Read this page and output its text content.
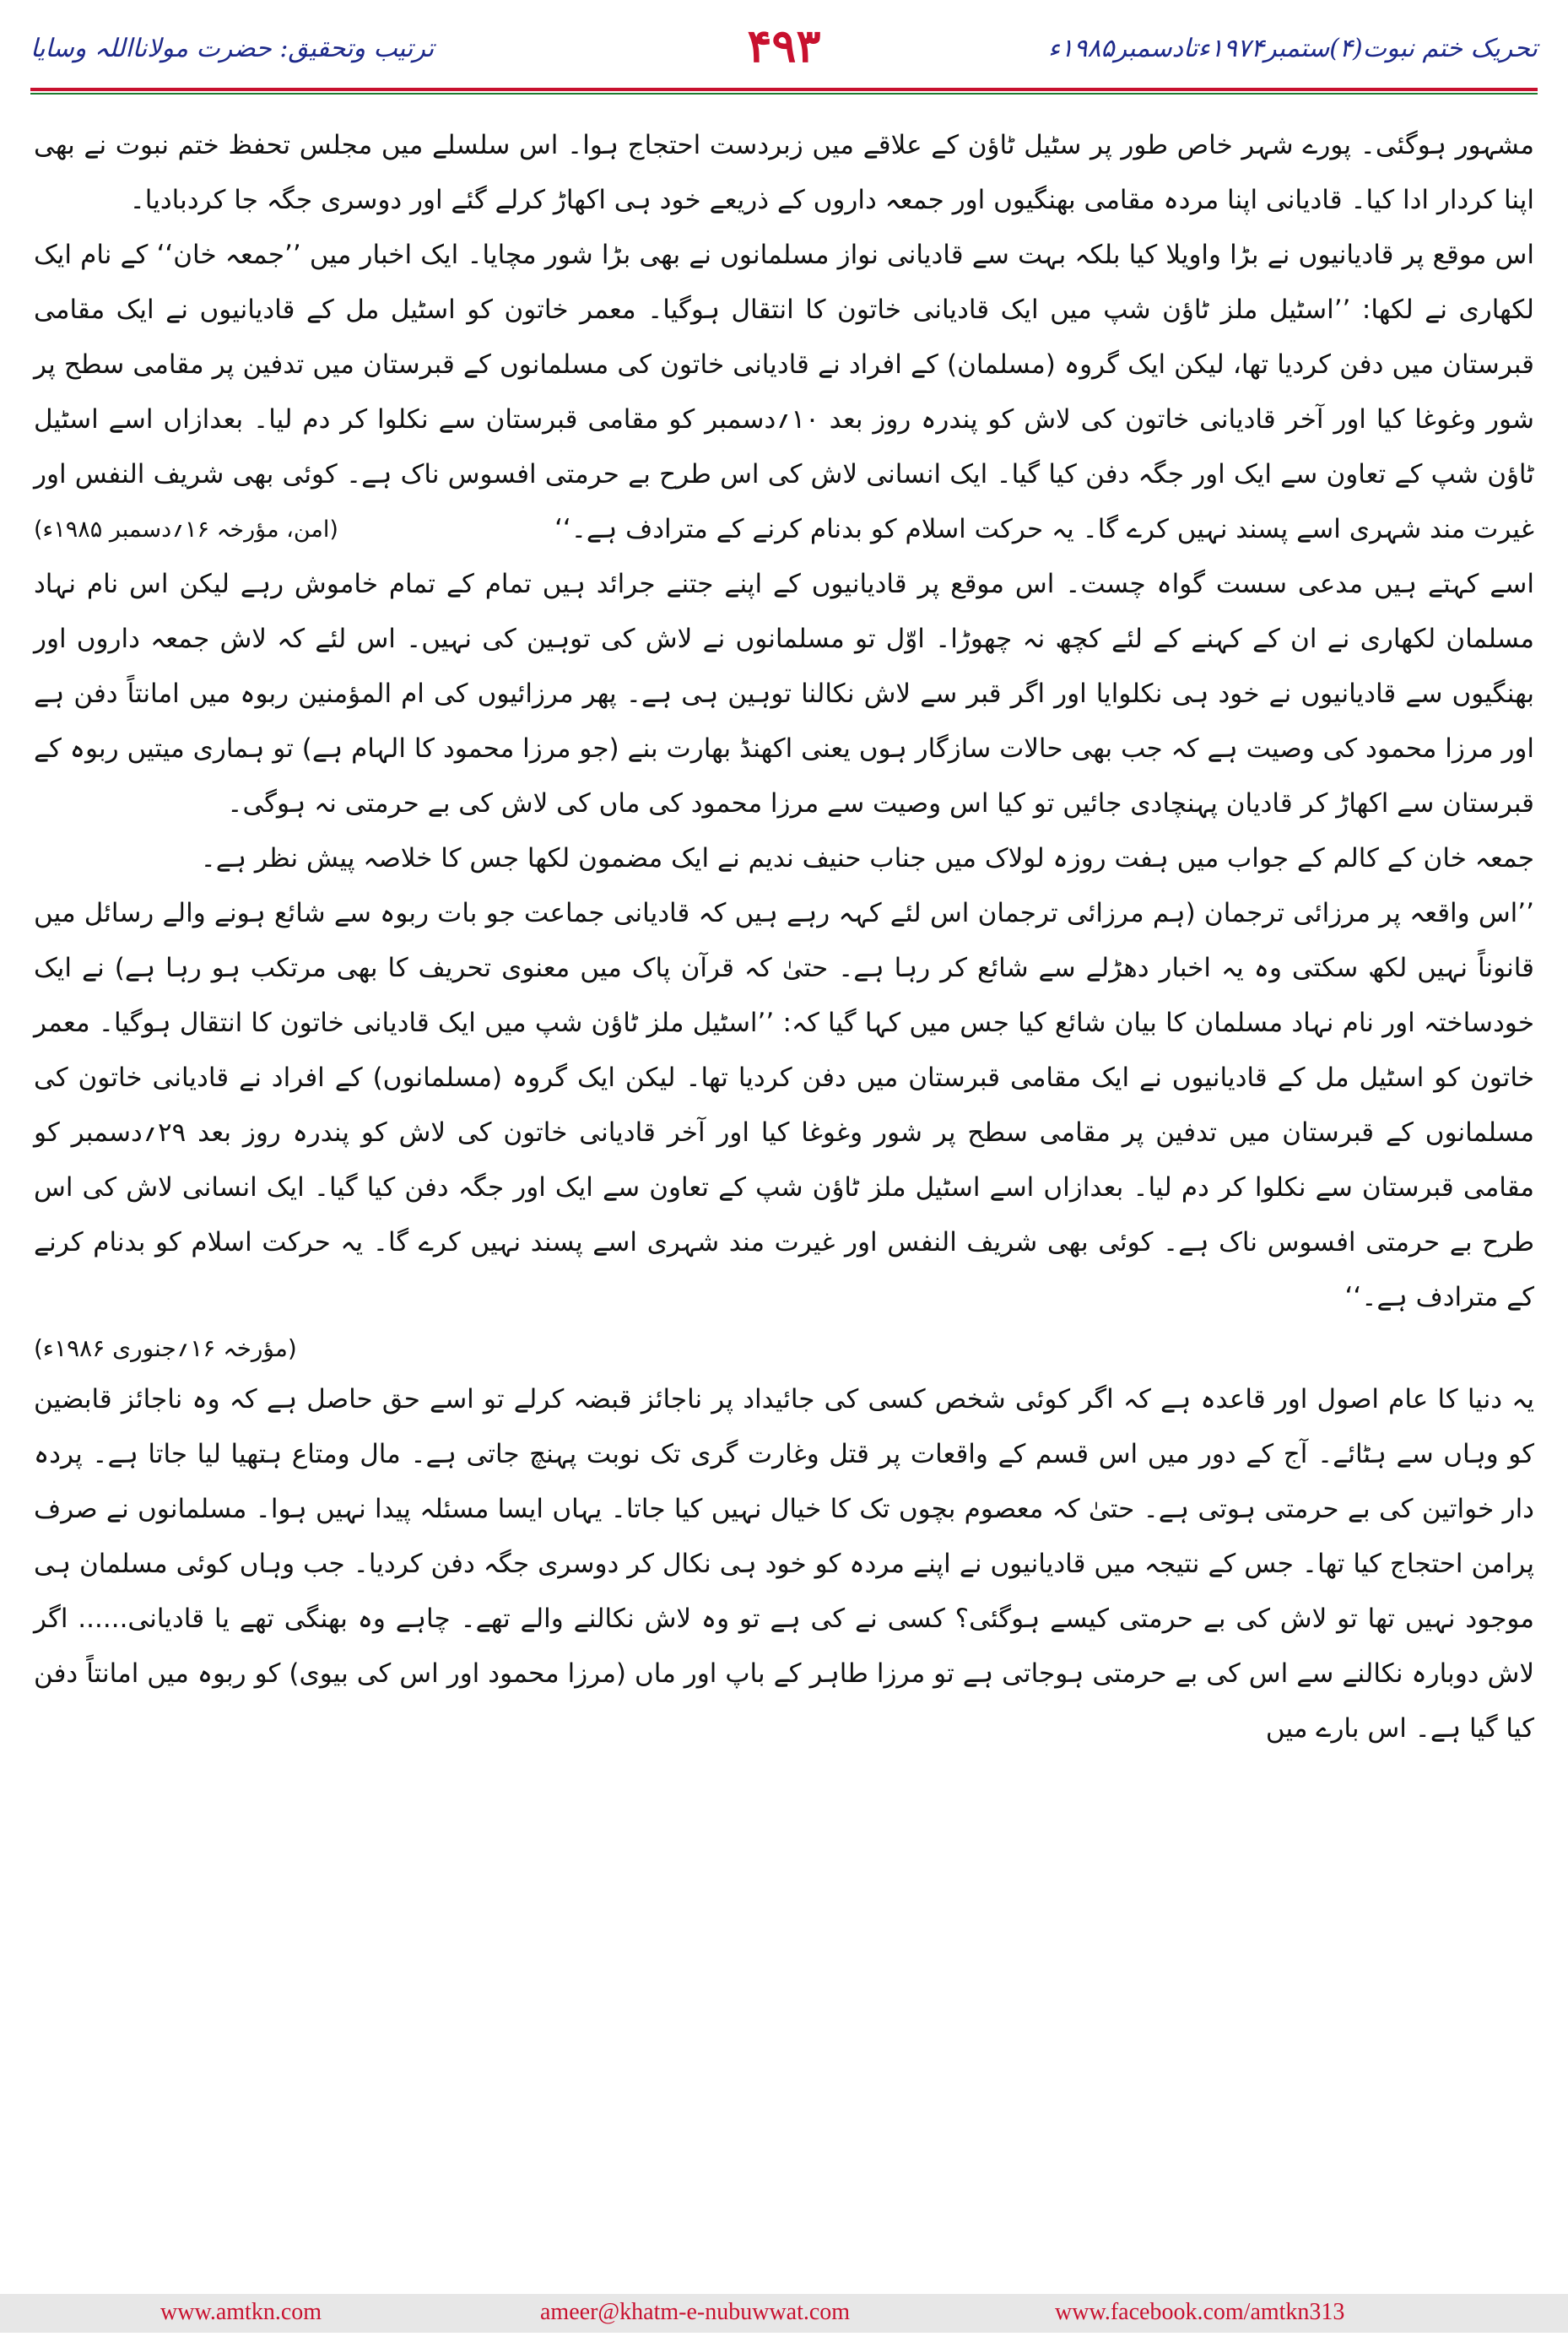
تحریک ختم نبوت(۴)ستمبر۱۹۷۴ءتادسمبر۱۹۸۵ء
۴۹۳
ترتیب وتحقیق: حضرت مولانااللہ وسایا

مشہور ہوگئی۔ پورے شہر خاص طور پر سٹیل ٹاؤن کے علاقے میں زبردست احتجاج ہوا۔ اس سلسلے میں مجلس تحفظ ختم نبوت نے بھی اپنا کردار ادا کیا۔ قادیانی اپنا مردہ مقامی بھنگیوں اور جمعہ داروں کے ذریعے خود ہی اکھاڑ کرلے گئے اور دوسری جگہ جا کردبادیا۔

اس موقع پر قادیانیوں نے بڑا واویلا کیا بلکہ بہت سے قادیانی نواز مسلمانوں نے بھی بڑا شور مچایا۔ ایک اخبار میں ’’جمعہ خان‘‘ کے نام ایک لکھاری نے لکھا: ’’اسٹیل ملز ٹاؤن شپ میں ایک قادیانی خاتون کا انتقال ہوگیا۔ معمر خاتون کو اسٹیل مل کے قادیانیوں نے ایک مقامی قبرستان میں دفن کردیا تھا، لیکن ایک گروہ (مسلمان) کے افراد نے قادیانی خاتون کی مسلمانوں کے قبرستان میں تدفین پر مقامی سطح پر شور وغوغا کیا اور آخر قادیانی خاتون کی لاش کو پندرہ روز بعد ۱۰؍دسمبر کو مقامی قبرستان سے نکلوا کر دم لیا۔ بعدازاں اسے اسٹیل ٹاؤن شپ کے تعاون سے ایک اور جگہ دفن کیا گیا۔ ایک انسانی لاش کی اس طرح بے حرمتی افسوس ناک ہے۔ کوئی بھی شریف النفس اور غیرت مند شہری اسے پسند نہیں کرے گا۔ یہ حرکت اسلام کو بدنام کرنے کے مترادف ہے۔‘‘
(امن، مؤرخہ ۱۶؍دسمبر ۱۹۸۵ء)

اسے کہتے ہیں مدعی سست گواہ چست۔ اس موقع پر قادیانیوں کے اپنے جتنے جرائد ہیں تمام کے تمام خاموش رہے لیکن اس نام نہاد مسلمان لکھاری نے ان کے کہنے کے لئے کچھ نہ چھوڑا۔ اوّل تو مسلمانوں نے لاش کی توہین کی نہیں۔ اس لئے کہ لاش جمعہ داروں اور بھنگیوں سے قادیانیوں نے خود ہی نکلوایا اور اگر قبر سے لاش نکالنا توہین ہی ہے۔ پھر مرزائیوں کی ام المؤمنین ربوہ میں امانتاً دفن ہے اور مرزا محمود کی وصیت ہے کہ جب بھی حالات سازگار ہوں یعنی اکھنڈ بھارت بنے (جو مرزا محمود کا الہام ہے) تو ہماری میتیں ربوہ کے قبرستان سے اکھاڑ کر قادیان پہنچادی جائیں تو کیا اس وصیت سے مرزا محمود کی ماں کی لاش کی بے حرمتی نہ ہوگی۔

جمعہ خان کے کالم کے جواب میں ہفت روزہ لولاک میں جناب حنیف ندیم نے ایک مضمون لکھا جس کا خلاصہ پیش نظر ہے۔

’’اس واقعہ پر مرزائی ترجمان (ہم مرزائی ترجمان اس لئے کہہ رہے ہیں کہ قادیانی جماعت جو بات ربوہ سے شائع ہونے والے رسائل میں قانوناً نہیں لکھ سکتی وہ یہ اخبار دھڑلے سے شائع کر رہا ہے۔ حتیٰ کہ قرآن پاک میں معنوی تحریف کا بھی مرتکب ہو رہا ہے) نے ایک خودساختہ اور نام نہاد مسلمان کا بیان شائع کیا جس میں کہا گیا کہ: ’’اسٹیل ملز ٹاؤن شپ میں ایک قادیانی خاتون کا انتقال ہوگیا۔ معمر خاتون کو اسٹیل مل کے قادیانیوں نے ایک مقامی قبرستان میں دفن کردیا تھا۔ لیکن ایک گروہ (مسلمانوں) کے افراد نے قادیانی خاتون کی مسلمانوں کے قبرستان میں تدفین پر مقامی سطح پر شور وغوغا کیا اور آخر قادیانی خاتون کی لاش کو پندرہ روز بعد ۲۹؍دسمبر کو مقامی قبرستان سے نکلوا کر دم لیا۔ بعدازاں اسے اسٹیل ملز ٹاؤن شپ کے تعاون سے ایک اور جگہ دفن کیا گیا۔ ایک انسانی لاش کی اس طرح بے حرمتی افسوس ناک ہے۔ کوئی بھی شریف النفس اور غیرت مند شہری اسے پسند نہیں کرے گا۔ یہ حرکت اسلام کو بدنام کرنے کے مترادف ہے۔‘‘

(مؤرخہ ۱۶؍جنوری ۱۹۸۶ء)

یہ دنیا کا عام اصول اور قاعدہ ہے کہ اگر کوئی شخص کسی کی جائیداد پر ناجائز قبضہ کرلے تو اسے حق حاصل ہے کہ وہ ناجائز قابضین کو وہاں سے ہٹائے۔ آج کے دور میں اس قسم کے واقعات پر قتل وغارت گری تک نوبت پہنچ جاتی ہے۔ مال ومتاع ہتھیا لیا جاتا ہے۔ پردہ دار خواتین کی بے حرمتی ہوتی ہے۔ حتیٰ کہ معصوم بچوں تک کا خیال نہیں کیا جاتا۔ یہاں ایسا مسئلہ پیدا نہیں ہوا۔ مسلمانوں نے صرف پرامن احتجاج کیا تھا۔ جس کے نتیجہ میں قادیانیوں نے اپنے مردہ کو خود ہی نکال کر دوسری جگہ دفن کردیا۔ جب وہاں کوئی مسلمان ہی موجود نہیں تھا تو لاش کی بے حرمتی کیسے ہوگئی؟ کسی نے کی ہے تو وہ لاش نکالنے والے تھے۔ چاہے وہ بھنگی تھے یا قادیانی...... اگر لاش دوبارہ نکالنے سے اس کی بے حرمتی ہوجاتی ہے تو مرزا طاہر کے باپ اور ماں (مرزا محمود اور اس کی بیوی) کو ربوہ میں امانتاً دفن کیا گیا ہے۔ اس بارے میں

www.amtkn.com	ameer@khatm-e-nubuwwat.com	www.facebook.com/amtkn313
